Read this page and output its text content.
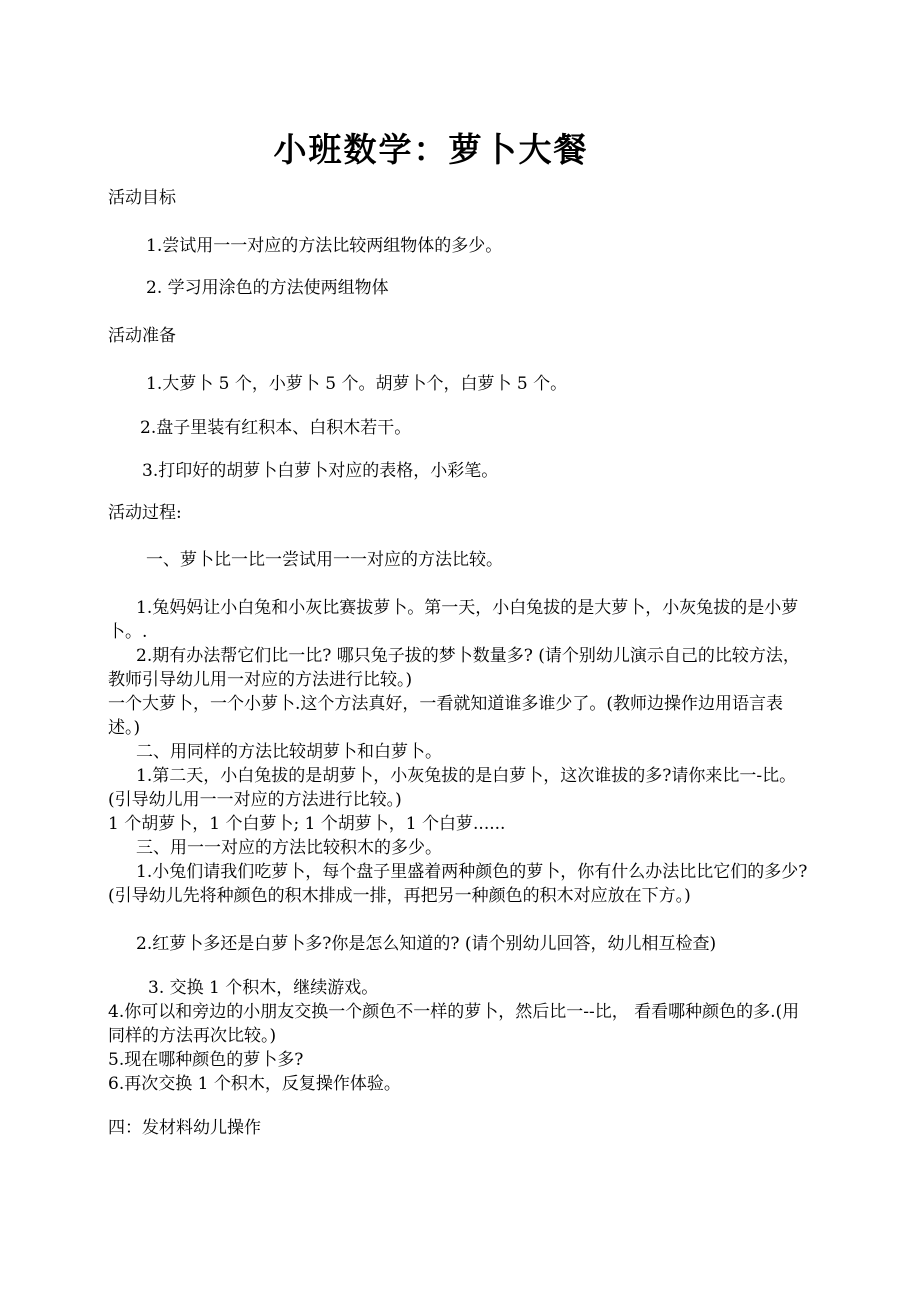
小班数学：萝卜大餐
活动目标
1.尝试用一一对应的方法比较两组物体的多少。
2. 学习用涂色的方法使两组物体
活动准备
1.大萝卜 5 个，小萝卜 5 个。胡萝卜个，白萝卜 5 个。
2.盘子里装有红积本、白积木若干。
3.打印好的胡萝卜白萝卜对应的表格，小彩笔。
活动过程:
一、萝卜比一比一尝试用一一对应的方法比较。
1.兔妈妈让小白兔和小灰比赛拔萝卜。第一天，小白兔拔的是大萝卜，小灰兔拔的是小萝卜。.
2.期有办法帮它们比一比? 哪只兔子拔的梦卜数量多? (请个别幼儿演示自己的比较方法，教师引导幼儿用一对应的方法进行比较。)
一个大萝卜，一个小萝卜.这个方法真好，一看就知道谁多谁少了。(教师边操作边用语言表述。)
二、用同样的方法比较胡萝卜和白萝卜。
1.第二天，小白兔拔的是胡萝卜，小灰兔拔的是白萝卜，这次谁拔的多?请你来比一-比。 (引导幼儿用一一对应的方法进行比较。)
1 个胡萝卜，1 个白萝卜; 1 个胡萝卜，1 个白萝......
三、用一一对应的方法比较积木的多少。
1.小兔们请我们吃萝卜，每个盘子里盛着两种颜色的萝卜，你有什么办法比比它们的多少? (引导幼儿先将种颜色的积木排成一排，再把另一种颜色的积木对应放在下方。)
2.红萝卜多还是白萝卜多?你是怎么知道的? (请个别幼儿回答，幼儿相互检查)
3. 交换 1 个积木，继续游戏。
4.你可以和旁边的小朋友交换一个颜色不一样的萝卜，然后比一--比， 看看哪种颜色的多.(用同样的方法再次比较。)
5.现在哪种颜色的萝卜多?
6.再次交换 1 个积木，反复操作体验。
四：发材料幼儿操作
